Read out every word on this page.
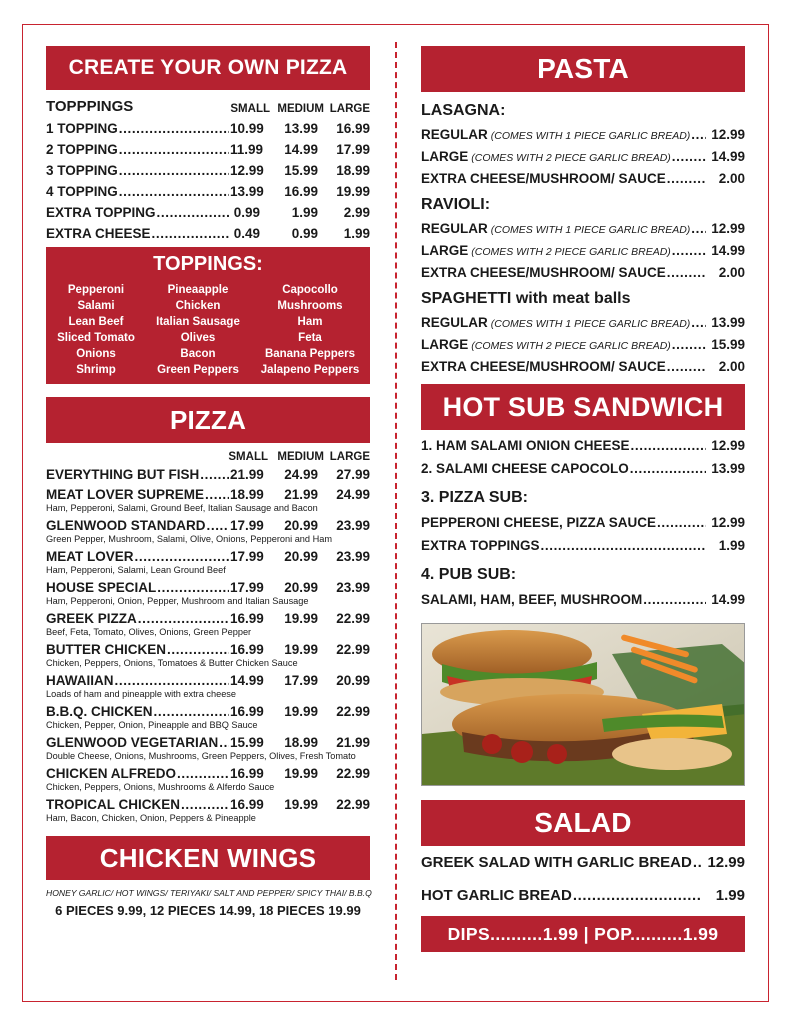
CREATE YOUR OWN PIZZA
TOPPPINGS	SMALL MEDIUM LARGE
1 TOPPING .....	10.99	13.99	16.99
2 TOPPING .....	11.99	14.99	17.99
3 TOPPING .....	12.99	15.99	18.99
4 TOPPING .....	13.99	16.99	19.99
EXTRA TOPPING .....	0.99	1.99	2.99
EXTRA CHEESE .....	0.49	0.99	1.99
TOPPINGS:
Pepperoni	Pineaapple	Capocollo
Salami	Chicken	Mushrooms
Lean Beef	Italian Sausage	Ham
Sliced Tomato	Olives	Feta
Onions	Bacon	Banana Peppers
Shrimp	Green Peppers	Jalapeno Peppers
PIZZA
SMALL MEDIUM LARGE
EVERYTHING BUT FISH ..... 21.99	24.99	27.99
MEAT LOVER SUPREME ..... 18.99	21.99	24.99
Ham, Pepperoni, Salami, Ground Beef, Italian Sausage and Bacon
GLENWOOD STANDARD ..... 17.99	20.99	23.99
Green Pepper, Mushroom, Salami, Olive, Onions, Pepperoni and Ham
MEAT LOVER .....	17.99	20.99	23.99
Ham, Pepperoni, Salami, Lean Ground Beef
HOUSE SPECIAL .....	17.99	20.99	23.99
Ham, Pepperoni, Onion, Pepper, Mushroom and Italian Sausage
GREEK PIZZA .....	16.99	19.99	22.99
Beef, Feta, Tomato, Olives, Onions, Green Pepper
BUTTER CHICKEN .....	16.99	19.99	22.99
Chicken, Peppers, Onions, Tomatoes & Butter Chicken Sauce
HAWAIIAN .....	14.99	17.99	20.99
Loads of ham and pineapple with extra cheese
B.B.Q. CHICKEN .....	16.99	19.99	22.99
Chicken, Pepper, Onion, Pineapple and BBQ Sauce
GLENWOOD VEGETARIAN ..... 15.99	18.99	21.99
Double Cheese, Onions, Mushrooms, Green Peppers, Olives, Fresh Tomato
CHICKEN ALFREDO .....	16.99	19.99	22.99
Chicken, Peppers, Onions, Mushrooms & Alferdo Sauce
TROPICAL CHICKEN .....	16.99	19.99	22.99
Ham, Bacon, Chicken, Onion, Peppers & Pineapple
CHICKEN WINGS
HONEY GARLIC/ HOT WINGS/ TERIYAKI/ SALT AND PEPPER/ SPICY THAI/ B.B.Q
6 PIECES 9.99, 12 PIECES 14.99, 18 PIECES 19.99
PASTA
LASAGNA:
REGULAR (COMES WITH 1 PIECE GARLIC BREAD) .....	12.99
LARGE (COMES WITH 2 PIECE GARLIC BREAD) .....	14.99
EXTRA CHEESE/MUSHROOM/ SAUCE .....	2.00
RAVIOLI:
REGULAR (COMES WITH 1 PIECE GARLIC BREAD) .....	12.99
LARGE (COMES WITH 2 PIECE GARLIC BREAD) .....	14.99
EXTRA CHEESE/MUSHROOM/ SAUCE .....	2.00
SPAGHETTI with meat balls
REGULAR (COMES WITH 1 PIECE GARLIC BREAD) .....	13.99
LARGE (COMES WITH 2 PIECE GARLIC BREAD) .....	15.99
EXTRA CHEESE/MUSHROOM/ SAUCE .....	2.00
HOT SUB SANDWICH
1. HAM SALAMI ONION CHEESE .....	12.99
2. SALAMI CHEESE CAPOCOLO .....	13.99
3. PIZZA SUB:
PEPPERONI CHEESE, PIZZA SAUCE .....	12.99
EXTRA TOPPINGS .....	1.99
4. PUB SUB:
SALAMI, HAM, BEEF, MUSHROOM .....	14.99
SALAD
GREEK SALAD WITH GARLIC BREAD ..... 12.99
HOT GARLIC BREAD .....	1.99
DIPS..........1.99 | POP..........1.99
